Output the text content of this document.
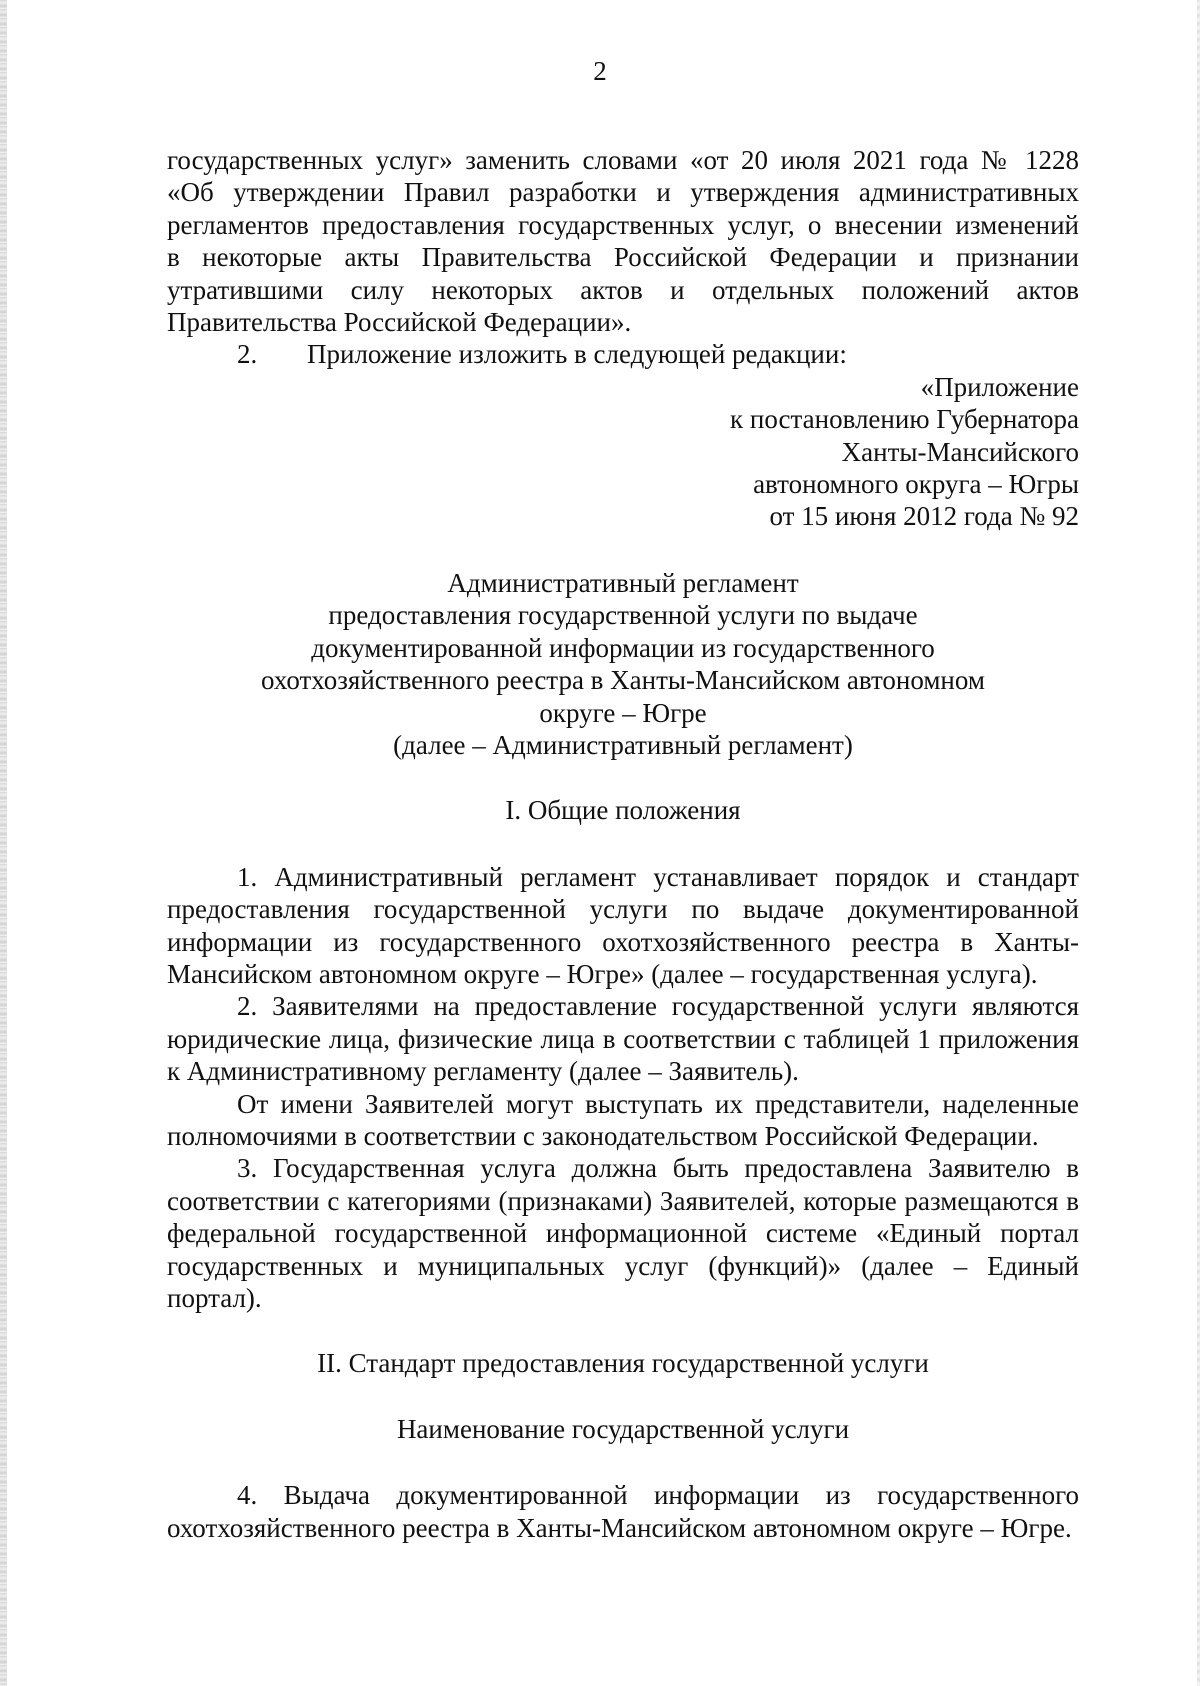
2

государственных услуг» заменить словами «от 20 июля 2021 года № 1228

«Об утверждении Правил разработки и утверждения административных

регламентов предоставления государственных услуг, о внесении изменений

в некоторые акты Правительства Российской Федерации и признании

утратившими силу некоторых актов и отдельных положений актов

Правительства Российской Федерации».

2. Приложение изложить в следующей редакции:

«Приложение

к постановлению Губернатора

Ханты-Мансийского

автономного округа – Югры

от 15 июня 2012 года № 92

Административный регламент

предоставления государственной услуги по выдаче

документированной информации из государственного

охотхозяйственного реестра в Ханты-Мансийском автономном

округе – Югре

(далее – Административный регламент)

I. Общие положения

1. Административный регламент устанавливает порядок и стандарт предоставления государственной услуги по выдаче документированной информации из государственного охотхозяйственного реестра в Ханты-Мансийском автономном округе – Югре» (далее – государственная услуга).

2. Заявителями на предоставление государственной услуги являются юридические лица, физические лица в соответствии с таблицей 1 приложения к Административному регламенту (далее – Заявитель).

От имени Заявителей могут выступать их представители, наделенные полномочиями в соответствии с законодательством Российской Федерации.

3. Государственная услуга должна быть предоставлена Заявителю в соответствии с категориями (признаками) Заявителей, которые размещаются в федеральной государственной информационной системе «Единый портал государственных и муниципальных услуг (функций)» (далее – Единый портал).

II. Стандарт предоставления государственной услуги

Наименование государственной услуги

4. Выдача документированной информации из государственного охотхозяйственного реестра в Ханты-Мансийском автономном округе – Югре.
